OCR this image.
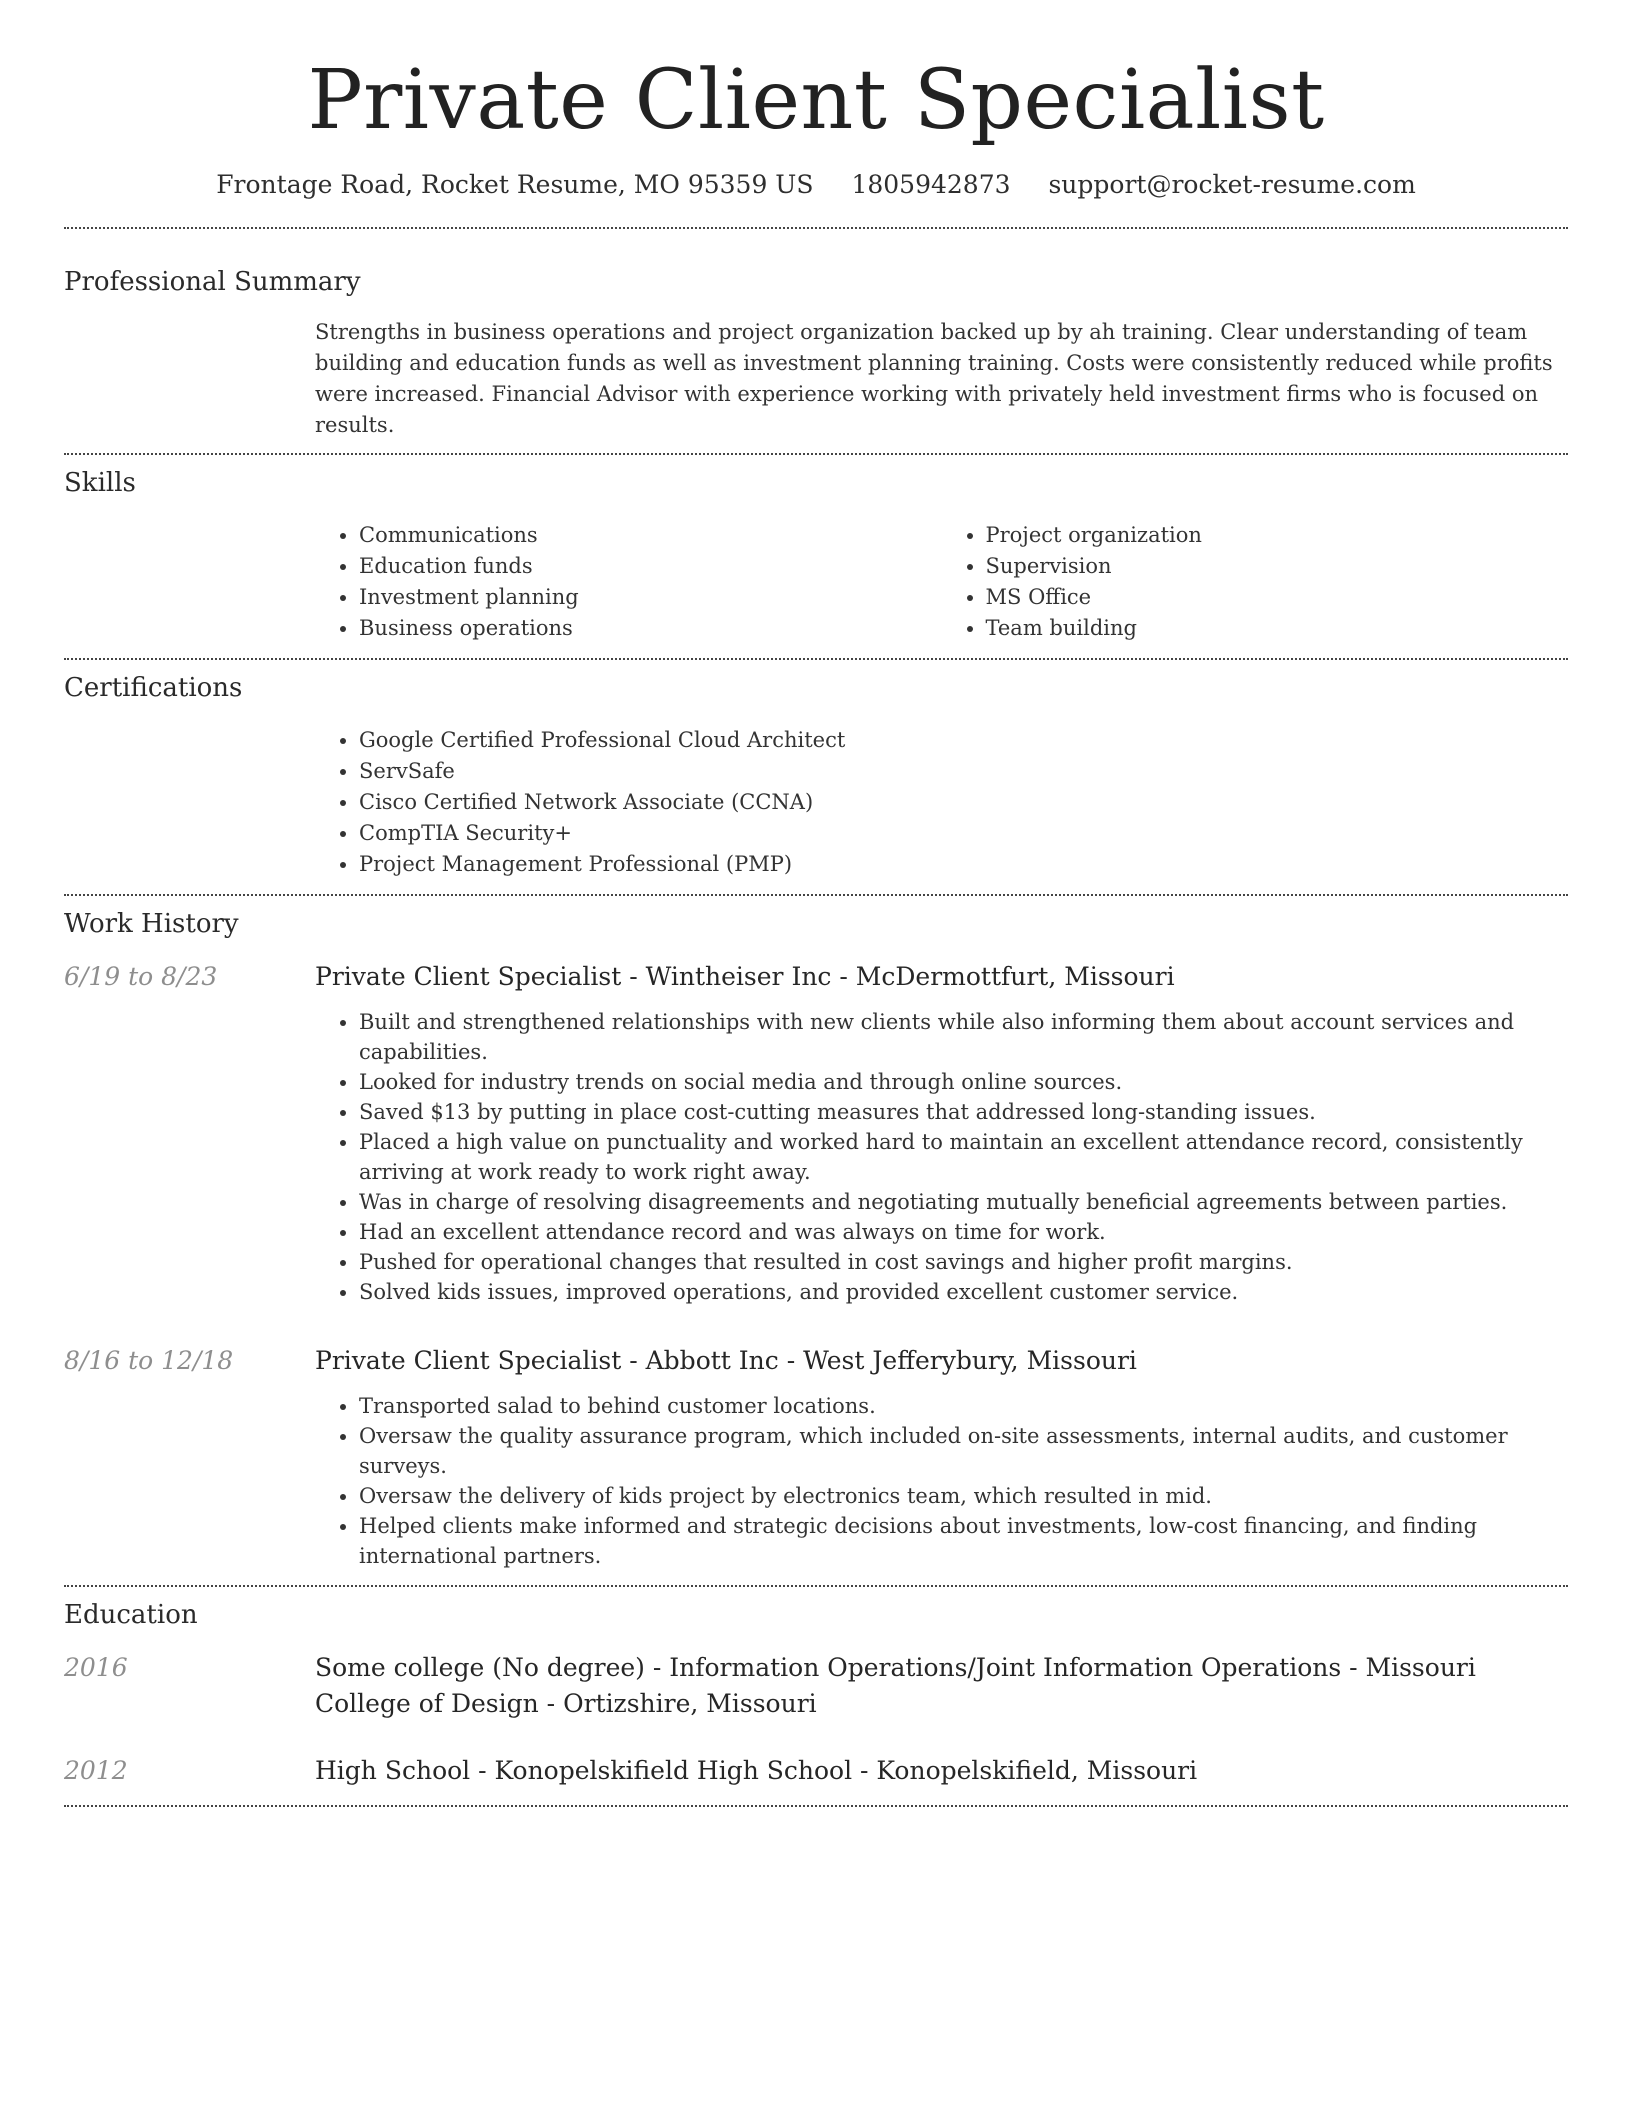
Private Client Specialist
Frontage Road, Rocket Resume, MO 95359 US 1805942873 support@rocket-resume.com
Professional Summary

Strengths in business operations and project organization backed up by ah training. Clear understanding of team building and education funds as well as investment planning training. Costs were consistently reduced while profits were increased. Financial Advisor with experience working with privately held investment firms who is focused on results.

Skills
• Communications
• Education funds
• Investment planning
• Business operations
• Project organization
• Supervision
• MS Office
• Team building
Certifications
• Google Certified Professional Cloud Architect
• ServSafe
• Cisco Certified Network Associate (CCNA)
• CompTIA Security+
• Project Management Professional (PMP)
Work History
6/19 to 8/23	Private Client Specialist - Wintheiser Inc - McDermottfurt, Missouri
• Built and strengthened relationships with new clients while also informing them about account services and capabilities.
• Looked for industry trends on social media and through online sources.
• Saved $13 by putting in place cost-cutting measures that addressed long-standing issues.
• Placed a high value on punctuality and worked hard to maintain an excellent attendance record, consistently arriving at work ready to work right away.
• Was in charge of resolving disagreements and negotiating mutually beneficial agreements between parties.
• Had an excellent attendance record and was always on time for work.
• Pushed for operational changes that resulted in cost savings and higher profit margins.
• Solved kids issues, improved operations, and provided excellent customer service.
8/16 to 12/18	Private Client Specialist - Abbott Inc - West Jefferybury, Missouri
• Transported salad to behind customer locations.
• Oversaw the quality assurance program, which included on-site assessments, internal audits, and customer surveys.
• Oversaw the delivery of kids project by electronics team, which resulted in mid.
• Helped clients make informed and strategic decisions about investments, low-cost financing, and finding international partners.
Education
2016	Some college (No degree) - Information Operations/Joint Information Operations - Missouri College of Design - Ortizshire, Missouri
2012	High School - Konopelskifield High School - Konopelskifield, Missouri
